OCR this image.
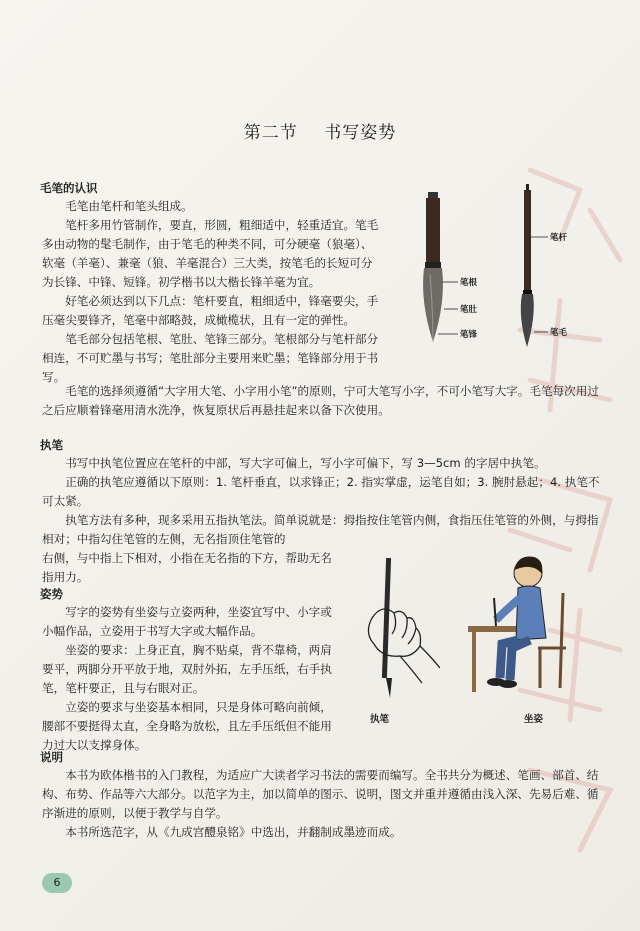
第二节 书写姿势
毛笔的认识

毛笔由笔杆和笔头组成。

笔杆多用竹管制作，要直，形圆，粗细适中，轻重适宜。笔毛多由动物的髦毛制作，由于笔毛的种类不同，可分硬毫（狼毫）、软毫（羊毫）、兼毫（狼、羊毫混合）三大类，按笔毛的长短可分为长锋、中锋、短锋。初学楷书以大楷长锋羊毫为宜。

好笔必须达到以下几点：笔杆要直，粗细适中，锋毫要尖，手压毫尖要锋齐，笔毫中部略鼓，成橄榄状，且有一定的弹性。

笔毛部分包括笔根、笔肚、笔锋三部分。笔根部分与笔杆部分相连，不可贮墨与书写；笔肚部分主要用来贮墨；笔锋部分用于书写。

毛笔的选择须遵循“大字用大笔、小字用小笔”的原则，宁可大笔写小字，不可小笔写大字。毛笔每次用过之后应顺着锋毫用清水洗净，恢复原状后再悬挂起来以备下次使用。

笔杆
笔根
笔肚
笔锋	笔毛
执笔

书写中执笔位置应在笔杆的中部，写大字可偏上，写小字可偏下，写 3—5cm 的字居中执笔。

正确的执笔应遵循以下原则：1. 笔杆垂直，以求锋正；2. 指实掌虚，运笔自如；3. 腕肘悬起；4. 执笔不可太紧。

执笔方法有多种，现多采用五指执笔法。简单说就是：拇指按住笔管内侧，食指压住笔管的外侧，与拇指相对；中指勾住笔管的左侧，无名指顶住笔管的

右侧，与中指上下相对，小指在无名指的下方，帮助无名指用力。

姿势

写字的姿势有坐姿与立姿两种，坐姿宜写中、小字或小幅作品，立姿用于书写大字或大幅作品。

坐姿的要求：上身正直，胸不贴桌，背不靠椅，两肩要平，两脚分开平放于地，双肘外拓，左手压纸，右手执笔，笔杆要正，且与右眼对正。

立姿的要求与坐姿基本相同，只是身体可略向前倾，腰部不要挺得太直，全身略为放松，且左手压纸但不能用力过大以支撑身体。

执笔	坐姿
说明

本书为欧体楷书的入门教程，为适应广大读者学习书法的需要而编写。全书共分为概述、笔画、部首、结构、布势、作品等六大部分。以范字为主，加以简单的图示、说明，图文并重并遵循由浅入深、先易后难、循序渐进的原则，以便于教学与自学。

本书所选范字，从《九成宫醴泉铭》中选出，并翻制成墨迹而成。

6
